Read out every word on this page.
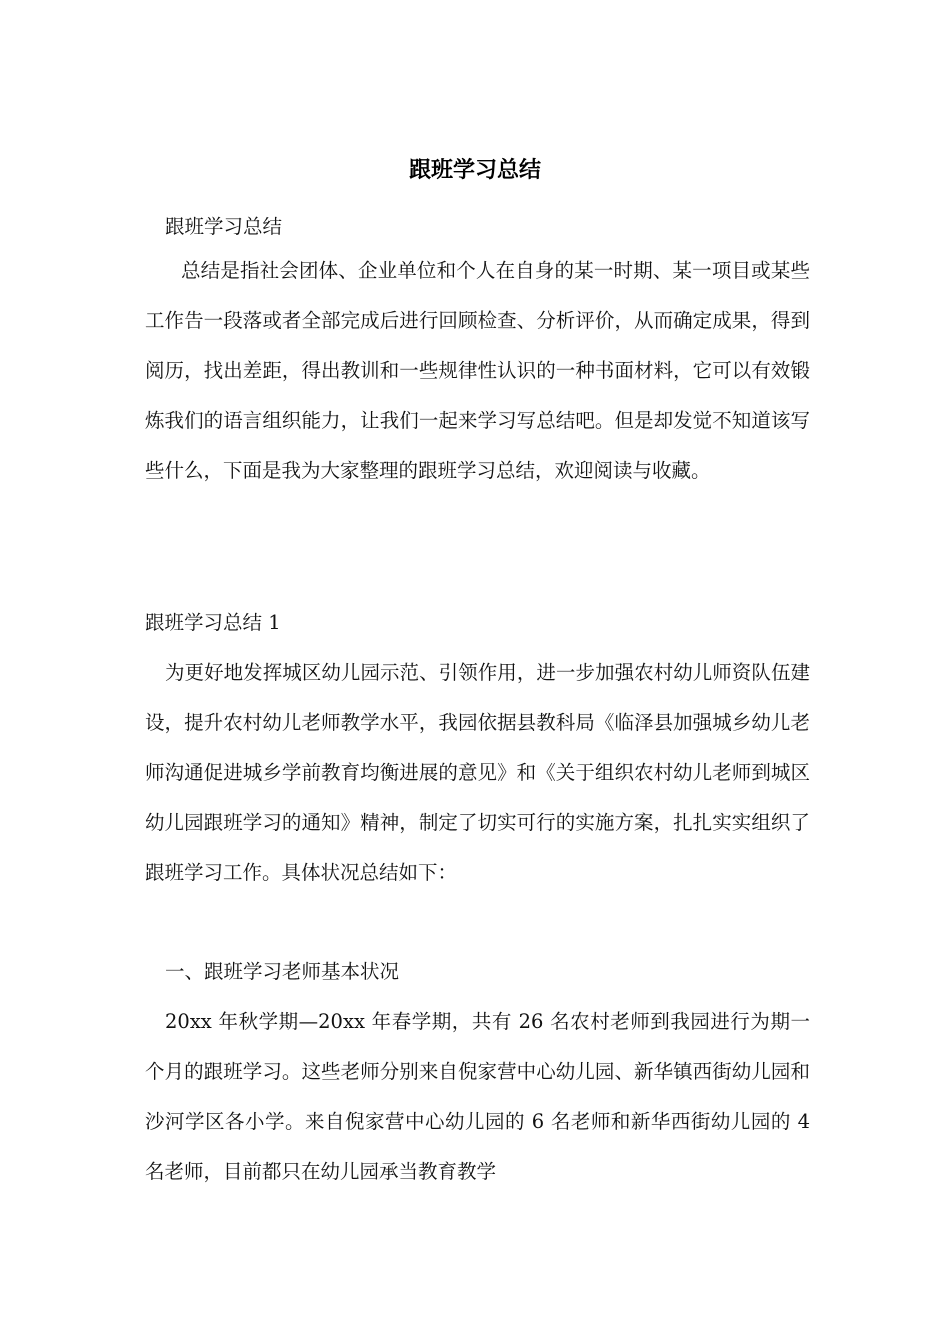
跟班学习总结
跟班学习总结
总结是指社会团体、企业单位和个人在自身的某一时期、某一项目或某些工作告一段落或者全部完成后进行回顾检查、分析评价，从而确定成果，得到阅历，找出差距，得出教训和一些规律性认识的一种书面材料，它可以有效锻炼我们的语言组织能力，让我们一起来学习写总结吧。但是却发觉不知道该写些什么，下面是我为大家整理的跟班学习总结，欢迎阅读与收藏。
跟班学习总结 1
为更好地发挥城区幼儿园示范、引领作用，进一步加强农村幼儿师资队伍建设，提升农村幼儿老师教学水平，我园依据县教科局《临泽县加强城乡幼儿老师沟通促进城乡学前教育均衡进展的意见》和《关于组织农村幼儿老师到城区幼儿园跟班学习的通知》精神，制定了切实可行的实施方案，扎扎实实组织了跟班学习工作。具体状况总结如下：
一、跟班学习老师基本状况
20xx 年秋学期—20xx 年春学期，共有 26 名农村老师到我园进行为期一个月的跟班学习。这些老师分别来自倪家营中心幼儿园、新华镇西街幼儿园和沙河学区各小学。来自倪家营中心幼儿园的 6 名老师和新华西街幼儿园的 4 名老师，目前都只在幼儿园承当教育教学
